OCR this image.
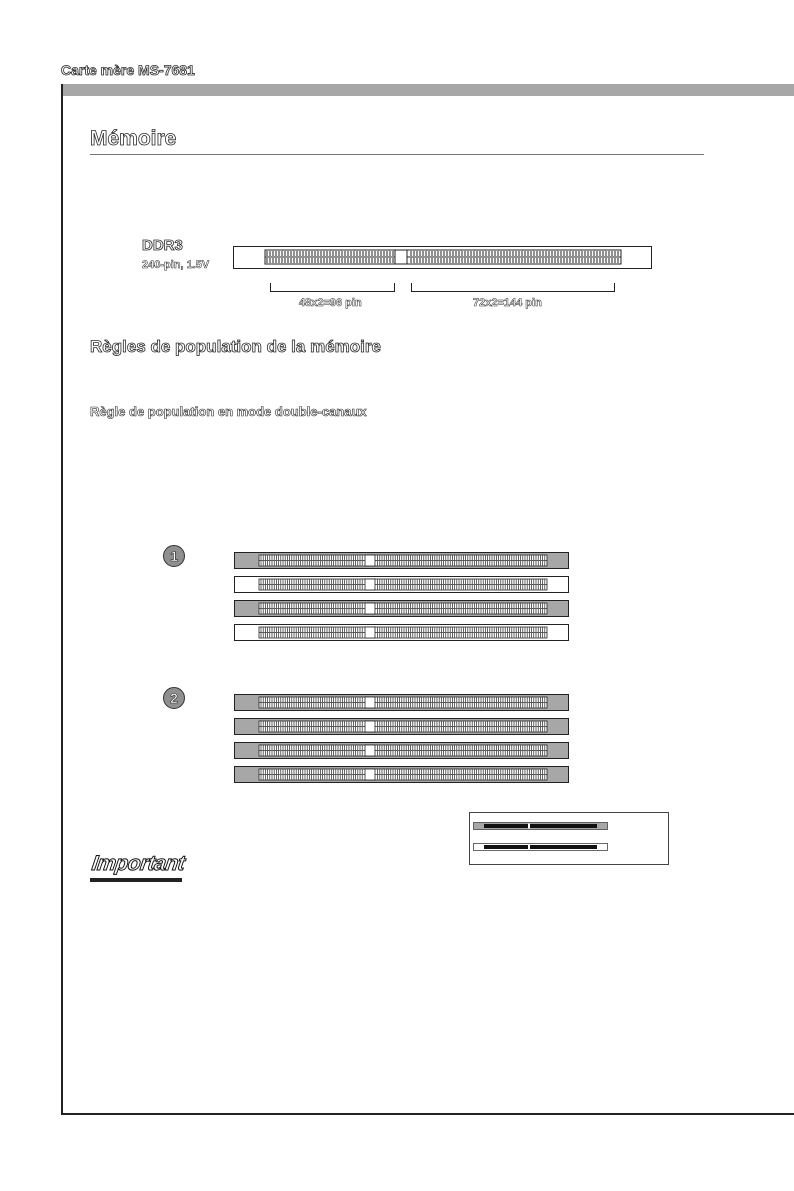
Carte mère MS-7681
Mémoire
DDR3
240-pin, 1.5V
48x2=96 pin	72x2=144 pin
Règles de population de la mémoire
Règle de population en mode double-canaux
1
2
Important
